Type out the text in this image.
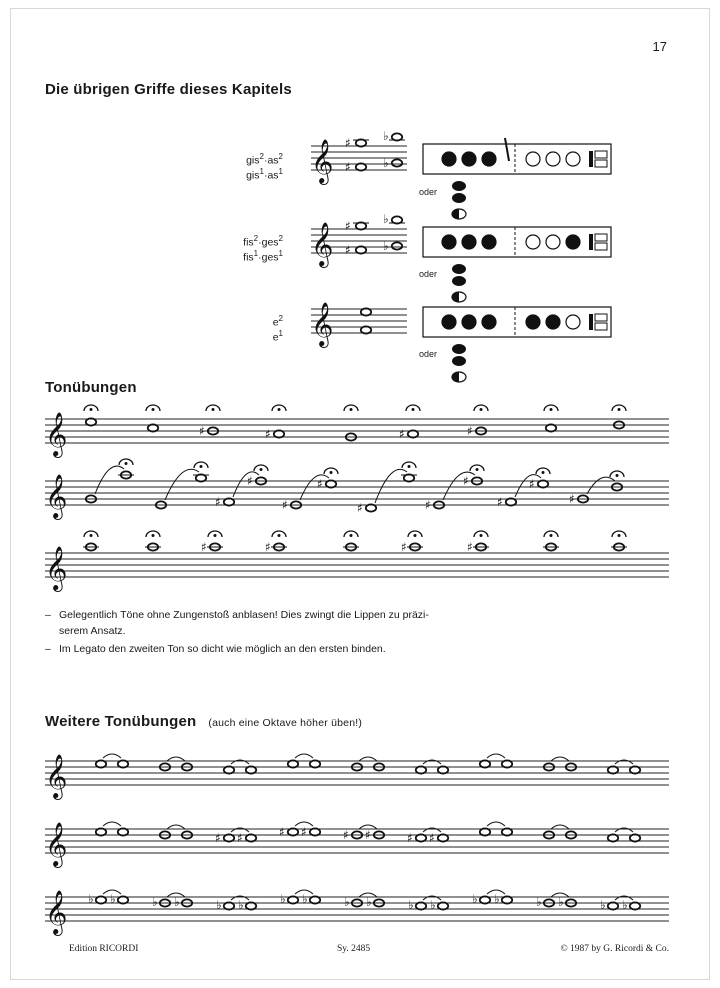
17
Die übrigen Griffe dieses Kapitels
$gis^2\cdot as^2$
$gis^1\cdot as^1$
fis$^2$·ges$^2$
fis$^1$·ges$^1$
$e^2$
$e^1$
oder
oder
oder
Tonübungen
– Gelegentlich Töne ohne Zungenstoß anblasen! Dies zwingt die Lippen zu präzi-
serem Ansatz.
– Im Legato den zweiten Ton so dicht wie möglich an den ersten binden.
Weitere Tonübungen (auch eine Oktave höher üben!)
Edition RICORDI	Sy. 2485	© 1987 by G. Ricordi & Co.
𝄞 ♯
♯
♭
♭
𝄞 ♯
♯
♭
♭
𝄞
𝄞
𝄞
𝄞
♯	♯	♯	♯
♯
♯
♯
♯
♯	♯
♯
♯
♯
♯
♯	♯	♯	♯
𝄞
𝄞	♯ ♯	♯ ♯	♯ ♯	♯ ♯
𝄞 ♭ ♭	♭ ♭	♭ ♭	♭ ♭	♭ ♭	♭ ♭	♭ ♭	♭ ♭	♭ ♭
